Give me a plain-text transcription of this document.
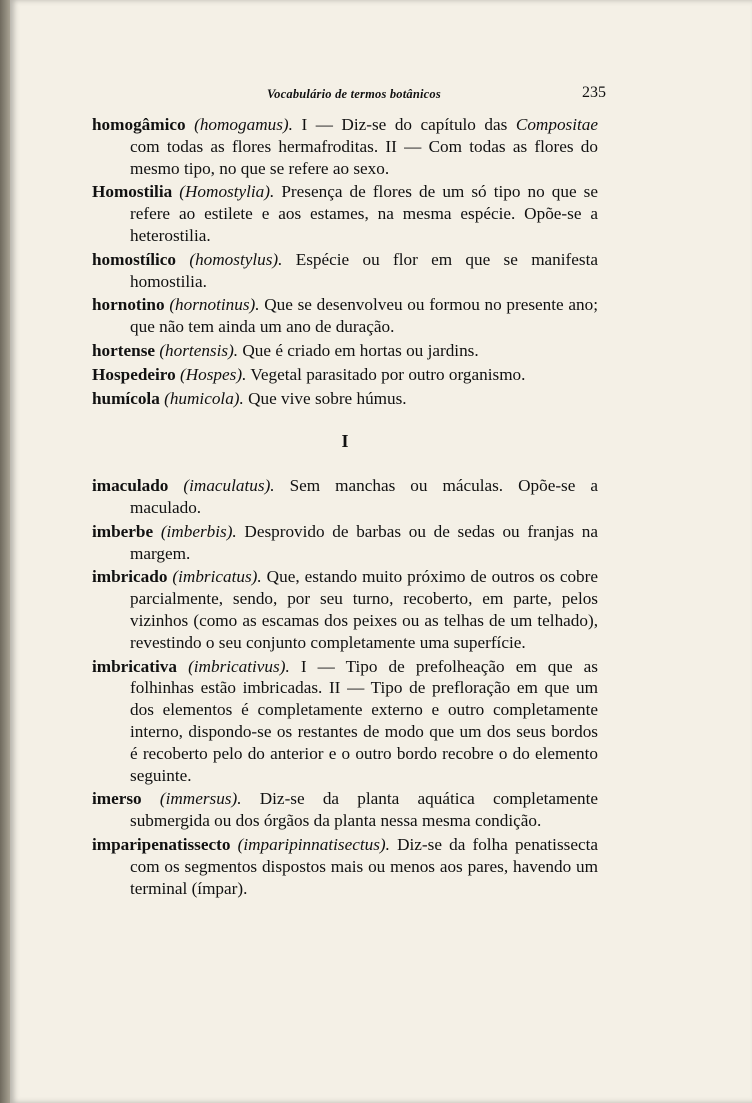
Vocabulário de termos botânicos	235

homogâmico (homogamus). I — Diz-se do capítulo das Compositae com todas as flores hermafroditas. II — Com todas as flores do mesmo tipo, no que se refere ao sexo.

Homostilia (Homostylia). Presença de flores de um só tipo no que se refere ao estilete e aos estames, na mesma espécie. Opõe-se a heterostilia.

homostílico (homostylus). Espécie ou flor em que se manifesta homostilia.

hornotino (hornotinus). Que se desenvolveu ou formou no presente ano; que não tem ainda um ano de duração.

hortense (hortensis). Que é criado em hortas ou jardins.

Hospedeiro (Hospes). Vegetal parasitado por outro organismo.

humícola (humicola). Que vive sobre húmus.

I

imaculado (imaculatus). Sem manchas ou máculas. Opõe-se a maculado.

imberbe (imberbis). Desprovido de barbas ou de sedas ou franjas na margem.

imbricado (imbricatus). Que, estando muito próximo de outros os cobre parcialmente, sendo, por seu turno, recoberto, em parte, pelos vizinhos (como as escamas dos peixes ou as telhas de um telhado), revestindo o seu conjunto completamente uma superfície.

imbricativa (imbricativus). I — Tipo de prefolheação em que as folhinhas estão imbricadas. II — Tipo de prefloração em que um dos elementos é completamente externo e outro completamente interno, dispondo-se os restantes de modo que um dos seus bordos é recoberto pelo do anterior e o outro bordo recobre o do elemento seguinte.

imerso (immersus). Diz-se da planta aquática completamente submergida ou dos órgãos da planta nessa mesma condição.

imparipenatissecto (imparipinnatisectus). Diz-se da folha penatissecta com os segmentos dispostos mais ou menos aos pares, havendo um terminal (ímpar).
